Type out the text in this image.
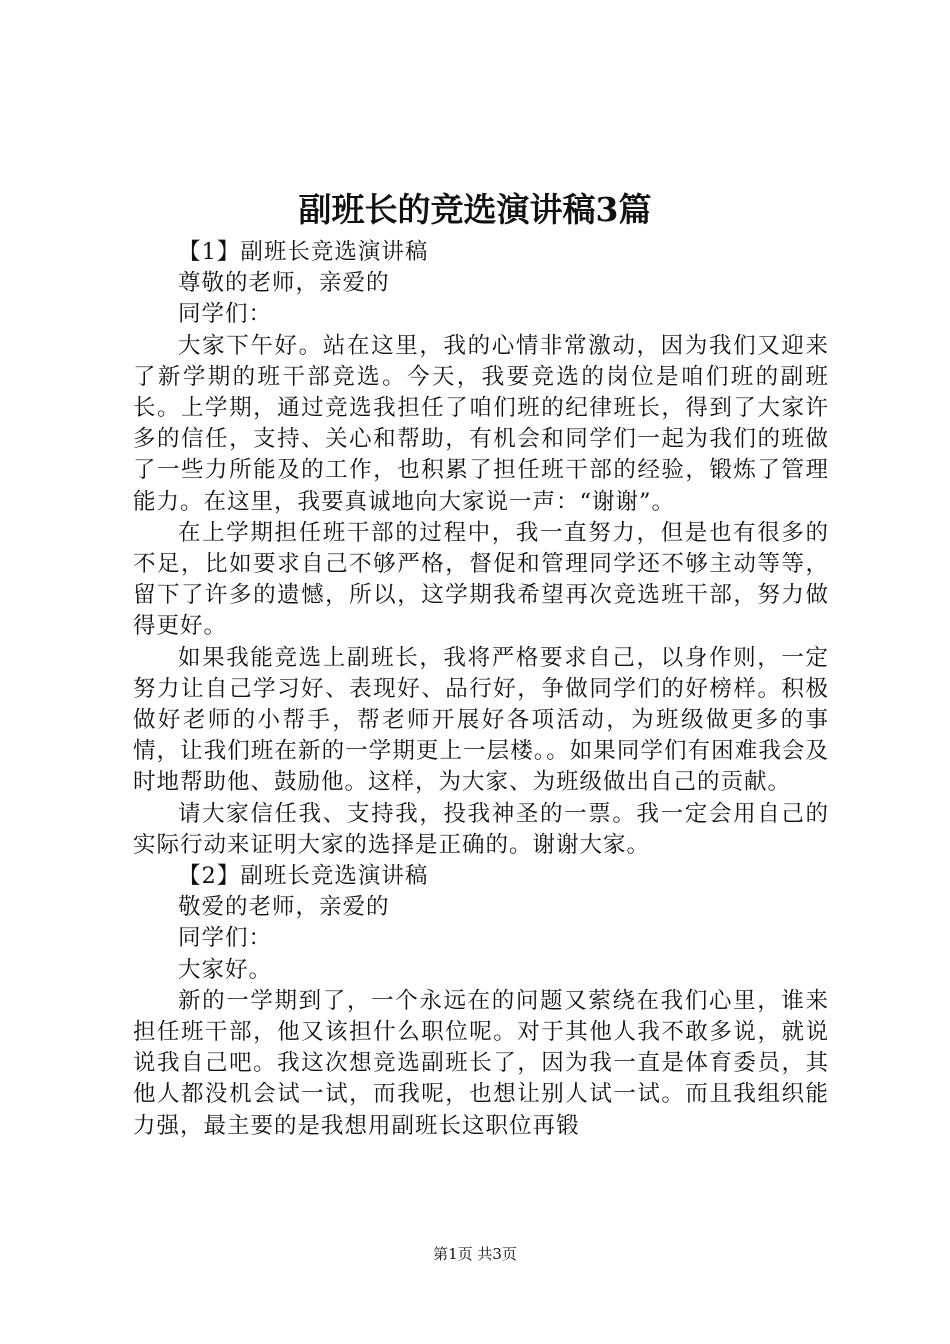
副班长的竞选演讲稿3篇

【1】副班长竞选演讲稿

尊敬的老师，亲爱的

同学们：

大家下午好。站在这里，我的心情非常激动，因为我们又迎来了新学期的班干部竞选。今天，我要竞选的岗位是咱们班的副班长。上学期，通过竞选我担任了咱们班的纪律班长，得到了大家许多的信任，支持、关心和帮助，有机会和同学们一起为我们的班做了一些力所能及的工作，也积累了担任班干部的经验，锻炼了管理能力。在这里，我要真诚地向大家说一声：“谢谢”。

在上学期担任班干部的过程中，我一直努力，但是也有很多的不足，比如要求自己不够严格，督促和管理同学还不够主动等等，留下了许多的遗憾，所以，这学期我希望再次竞选班干部，努力做得更好。

如果我能竞选上副班长，我将严格要求自己，以身作则，一定努力让自己学习好、表现好、品行好，争做同学们的好榜样。积极做好老师的小帮手，帮老师开展好各项活动，为班级做更多的事情，让我们班在新的一学期更上一层楼。。如果同学们有困难我会及时地帮助他、鼓励他。这样，为大家、为班级做出自己的贡献。

请大家信任我、支持我，投我神圣的一票。我一定会用自己的实际行动来证明大家的选择是正确的。谢谢大家。

【2】副班长竞选演讲稿

敬爱的老师，亲爱的

同学们：

大家好。

新的一学期到了，一个永远在的问题又萦绕在我们心里，谁来担任班干部，他又该担什么职位呢。对于其他人我不敢多说，就说说我自己吧。我这次想竞选副班长了，因为我一直是体育委员，其他人都没机会试一试，而我呢，也想让别人试一试。而且我组织能力强，最主要的是我想用副班长这职位再锻

第1页 共3页
